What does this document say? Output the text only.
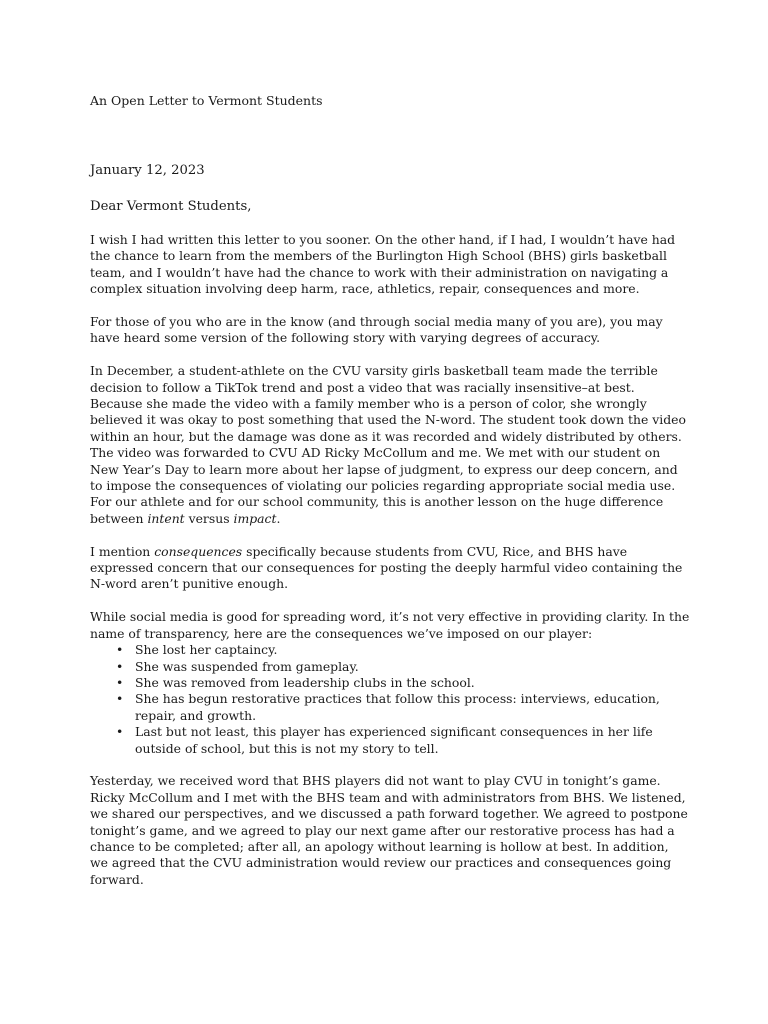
An Open Letter to Vermont Students
January 12, 2023
Dear Vermont Students,

I wish I had written this letter to you sooner. On the other hand, if I had, I wouldn’t have had the chance to learn from the members of the Burlington High School (BHS) girls basketball team, and I wouldn’t have had the chance to work with their administration on navigating a complex situation involving deep harm, race, athletics, repair, consequences and more.

For those of you who are in the know (and through social media many of you are), you may have heard some version of the following story with varying degrees of accuracy.

In December, a student-athlete on the CVU varsity girls basketball team made the terrible decision to follow a TikTok trend and post a video that was racially insensitive–at best. Because she made the video with a family member who is a person of color, she wrongly believed it was okay to post something that used the N-word. The student took down the video within an hour, but the damage was done as it was recorded and widely distributed by others. The video was forwarded to CVU AD Ricky McCollum and me. We met with our student on New Year’s Day to learn more about her lapse of judgment, to express our deep concern, and to impose the consequences of violating our policies regarding appropriate social media use. For our athlete and for our school community, this is another lesson on the huge difference between intent versus impact.

I mention consequences specifically because students from CVU, Rice, and BHS have expressed concern that our consequences for posting the deeply harmful video containing the N-word aren’t punitive enough.

While social media is good for spreading word, it’s not very effective in providing clarity. In the name of transparency, here are the consequences we’ve imposed on our player:

• She lost her captaincy.
• She was suspended from gameplay.
• She was removed from leadership clubs in the school.
• She has begun restorative practices that follow this process: interviews, education, repair, and growth.
• Last but not least, this player has experienced significant consequences in her life outside of school, but this is not my story to tell.

Yesterday, we received word that BHS players did not want to play CVU in tonight’s game. Ricky McCollum and I met with the BHS team and with administrators from BHS. We listened, we shared our perspectives, and we discussed a path forward together. We agreed to postpone tonight’s game, and we agreed to play our next game after our restorative process has had a chance to be completed; after all, an apology without learning is hollow at best. In addition, we agreed that the CVU administration would review our practices and consequences going forward.
